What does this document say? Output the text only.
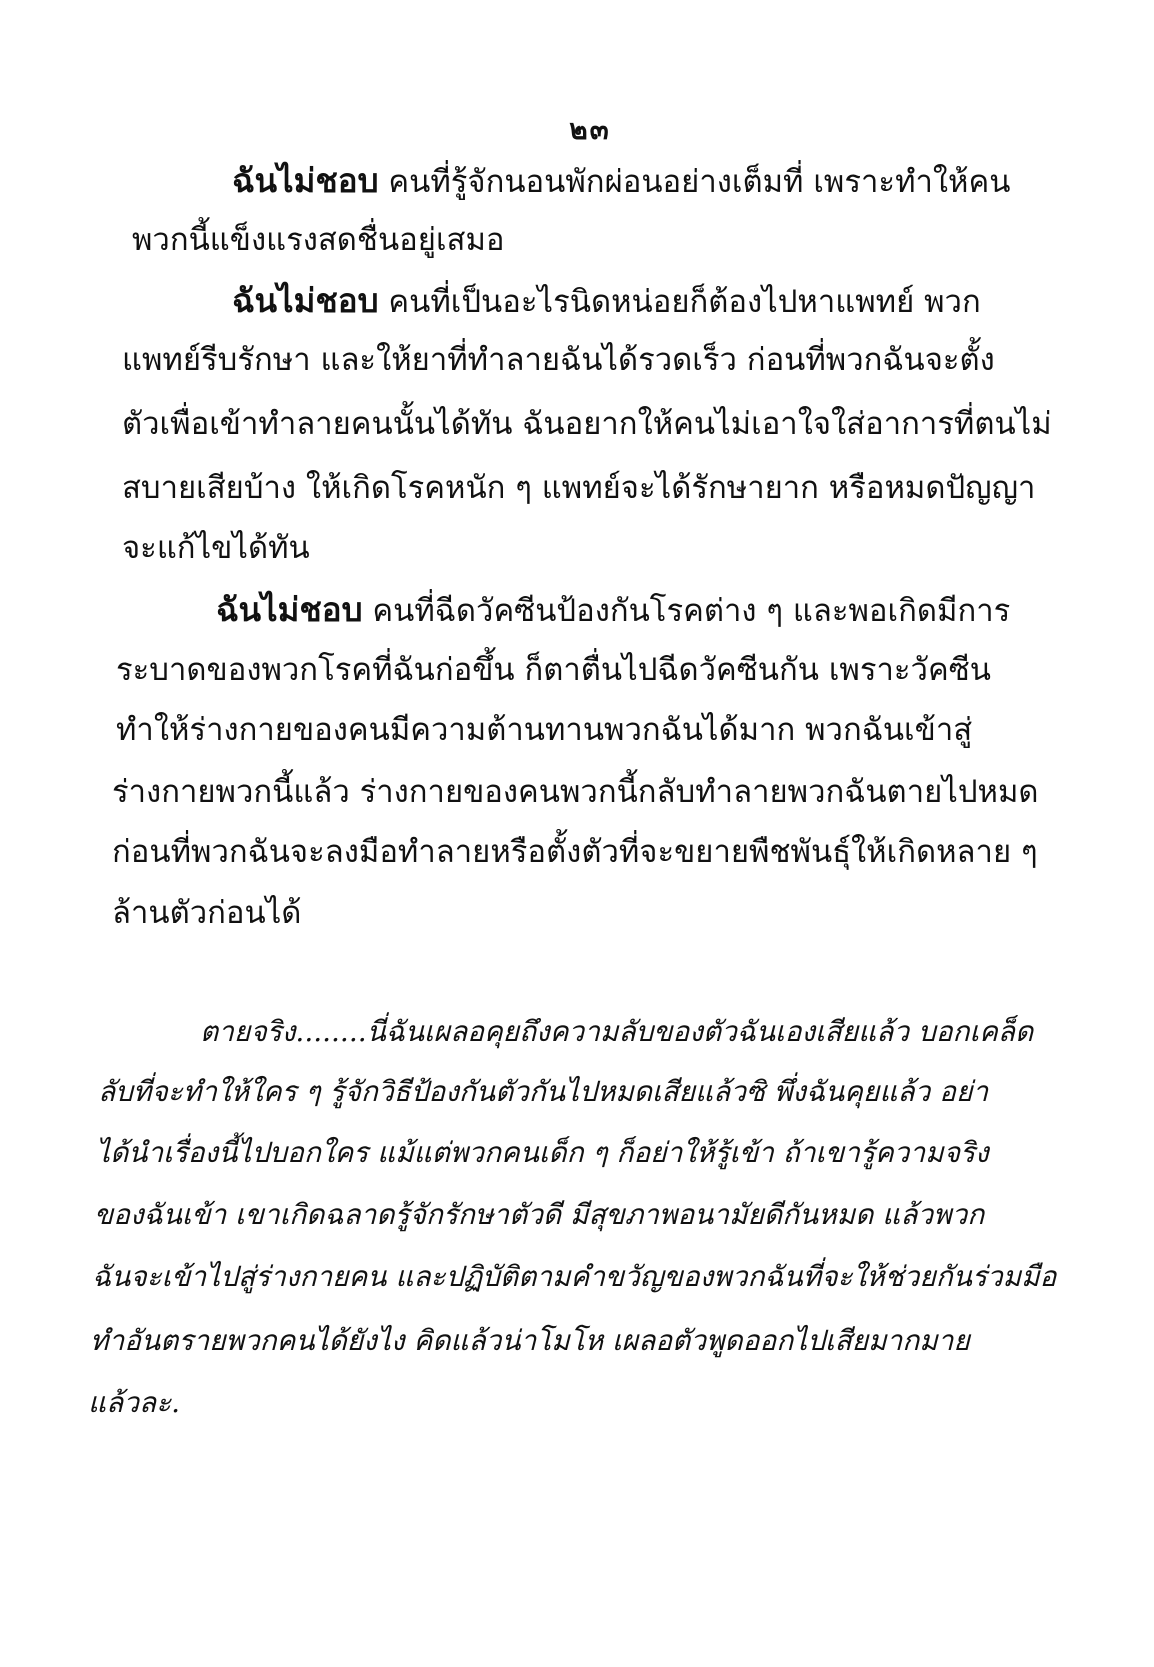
๒๓
ฉันไม่ชอบ คนที่รู้จักนอนพักผ่อนอย่างเต็มที่ เพราะทำให้คน
พวกนี้แข็งแรงสดชื่นอยู่เสมอ
ฉันไม่ชอบ คนที่เป็นอะไรนิดหน่อยก็ต้องไปหาแพทย์ พวก
แพทย์รีบรักษา และให้ยาที่ทำลายฉันได้รวดเร็ว ก่อนที่พวกฉันจะตั้ง
ตัวเพื่อเข้าทำลายคนนั้นได้ทัน ฉันอยากให้คนไม่เอาใจใส่อาการที่ตนไม่
สบายเสียบ้าง ให้เกิดโรคหนัก ๆ แพทย์จะได้รักษายาก หรือหมดปัญญา
จะแก้ไขได้ทัน
ฉันไม่ชอบ คนที่ฉีดวัคซีนป้องกันโรคต่าง ๆ และพอเกิดมีการ
ระบาดของพวกโรคที่ฉันก่อขึ้น ก็ตาตื่นไปฉีดวัคซีนกัน เพราะวัคซีน
ทำให้ร่างกายของคนมีความต้านทานพวกฉันได้มาก พวกฉันเข้าสู่
ร่างกายพวกนี้แล้ว ร่างกายของคนพวกนี้กลับทำลายพวกฉันตายไปหมด
ก่อนที่พวกฉันจะลงมือทำลายหรือตั้งตัวที่จะขยายพืชพันธุ์ให้เกิดหลาย ๆ
ล้านตัวก่อนได้
ตายจริง........นี่ฉันเผลอคุยถึงความลับของตัวฉันเองเสียแล้ว บอกเคล็ด
ลับที่จะทำให้ใคร ๆ รู้จักวิธีป้องกันตัวกันไปหมดเสียแล้วซิ พึ่งฉันคุยแล้ว อย่า
ได้นำเรื่องนี้ไปบอกใคร แม้แต่พวกคนเด็ก ๆ ก็อย่าให้รู้เข้า ถ้าเขารู้ความจริง
ของฉันเข้า เขาเกิดฉลาดรู้จักรักษาตัวดี มีสุขภาพอนามัยดีกันหมด แล้วพวก
ฉันจะเข้าไปสู่ร่างกายคน และปฏิบัติตามคำขวัญของพวกฉันที่จะให้ช่วยกันร่วมมือ
ทำอันตรายพวกคนได้ยังไง คิดแล้วน่าโมโห เผลอตัวพูดออกไปเสียมากมาย
แล้วละ.
